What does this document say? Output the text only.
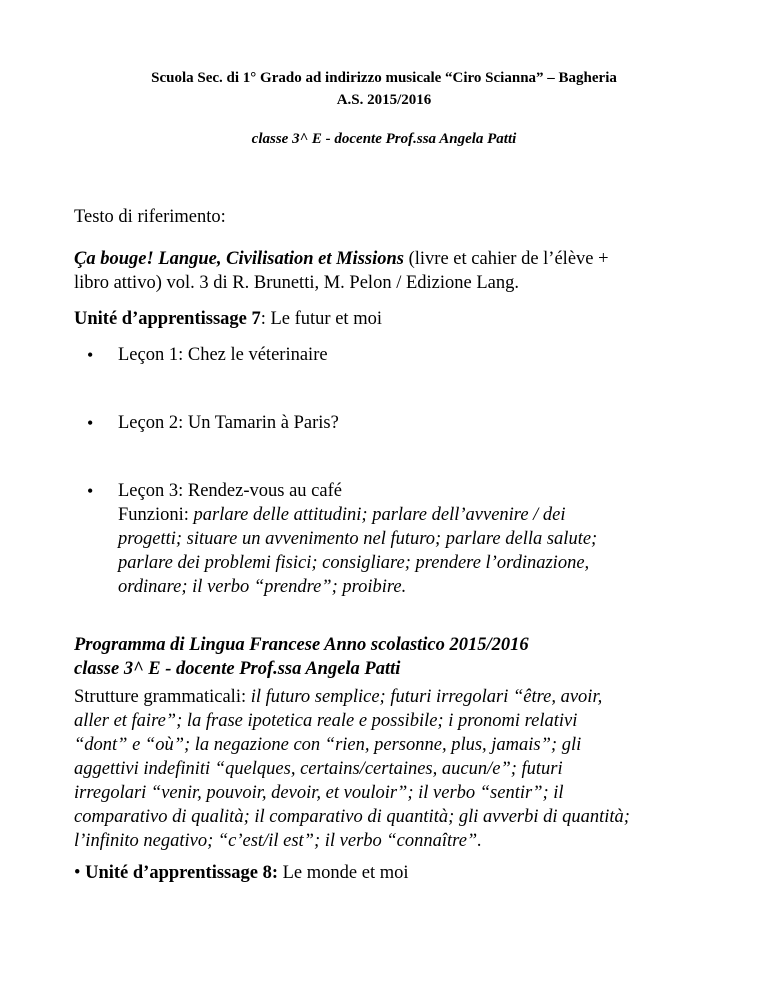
Scuola Sec. di 1° Grado ad indirizzo musicale “Ciro Scianna” – Bagheria
A.S. 2015/2016
classe 3^ E - docente Prof.ssa Angela Patti
Testo di riferimento:
Ça bouge! Langue, Civilisation et Missions (livre et cahier de l’élève +
libro attivo) vol. 3 di R. Brunetti, M. Pelon / Edizione Lang.
Unité d’apprentissage 7: Le futur et moi
• Leçon 1: Chez le véterinaire
• Leçon 2: Un Tamarin à Paris?
• Leçon 3: Rendez-vous au café
Funzioni: parlare delle attitudini; parlare dell’avvenire / dei
progetti; situare un avvenimento nel futuro; parlare della salute;
parlare dei problemi fisici; consigliare; prendere l’ordinazione,
ordinare; il verbo “prendre”; proibire.
Programma di Lingua Francese Anno scolastico 2015/2016
classe 3^ E - docente Prof.ssa Angela Patti
Strutture grammaticali: il futuro semplice; futuri irregolari “être, avoir,
aller et faire”; la frase ipotetica reale e possibile; i pronomi relativi
“dont” e “où”; la negazione con “rien, personne, plus, jamais”; gli
aggettivi indefiniti “quelques, certains/certaines, aucun/e”; futuri
irregolari “venir, pouvoir, devoir, et vouloir”; il verbo “sentir”; il
comparativo di qualità; il comparativo di quantità; gli avverbi di quantità;
l’infinito negativo; “c’est/il est”; il verbo “connaître”.
• Unité d’apprentissage 8: Le monde et moi
